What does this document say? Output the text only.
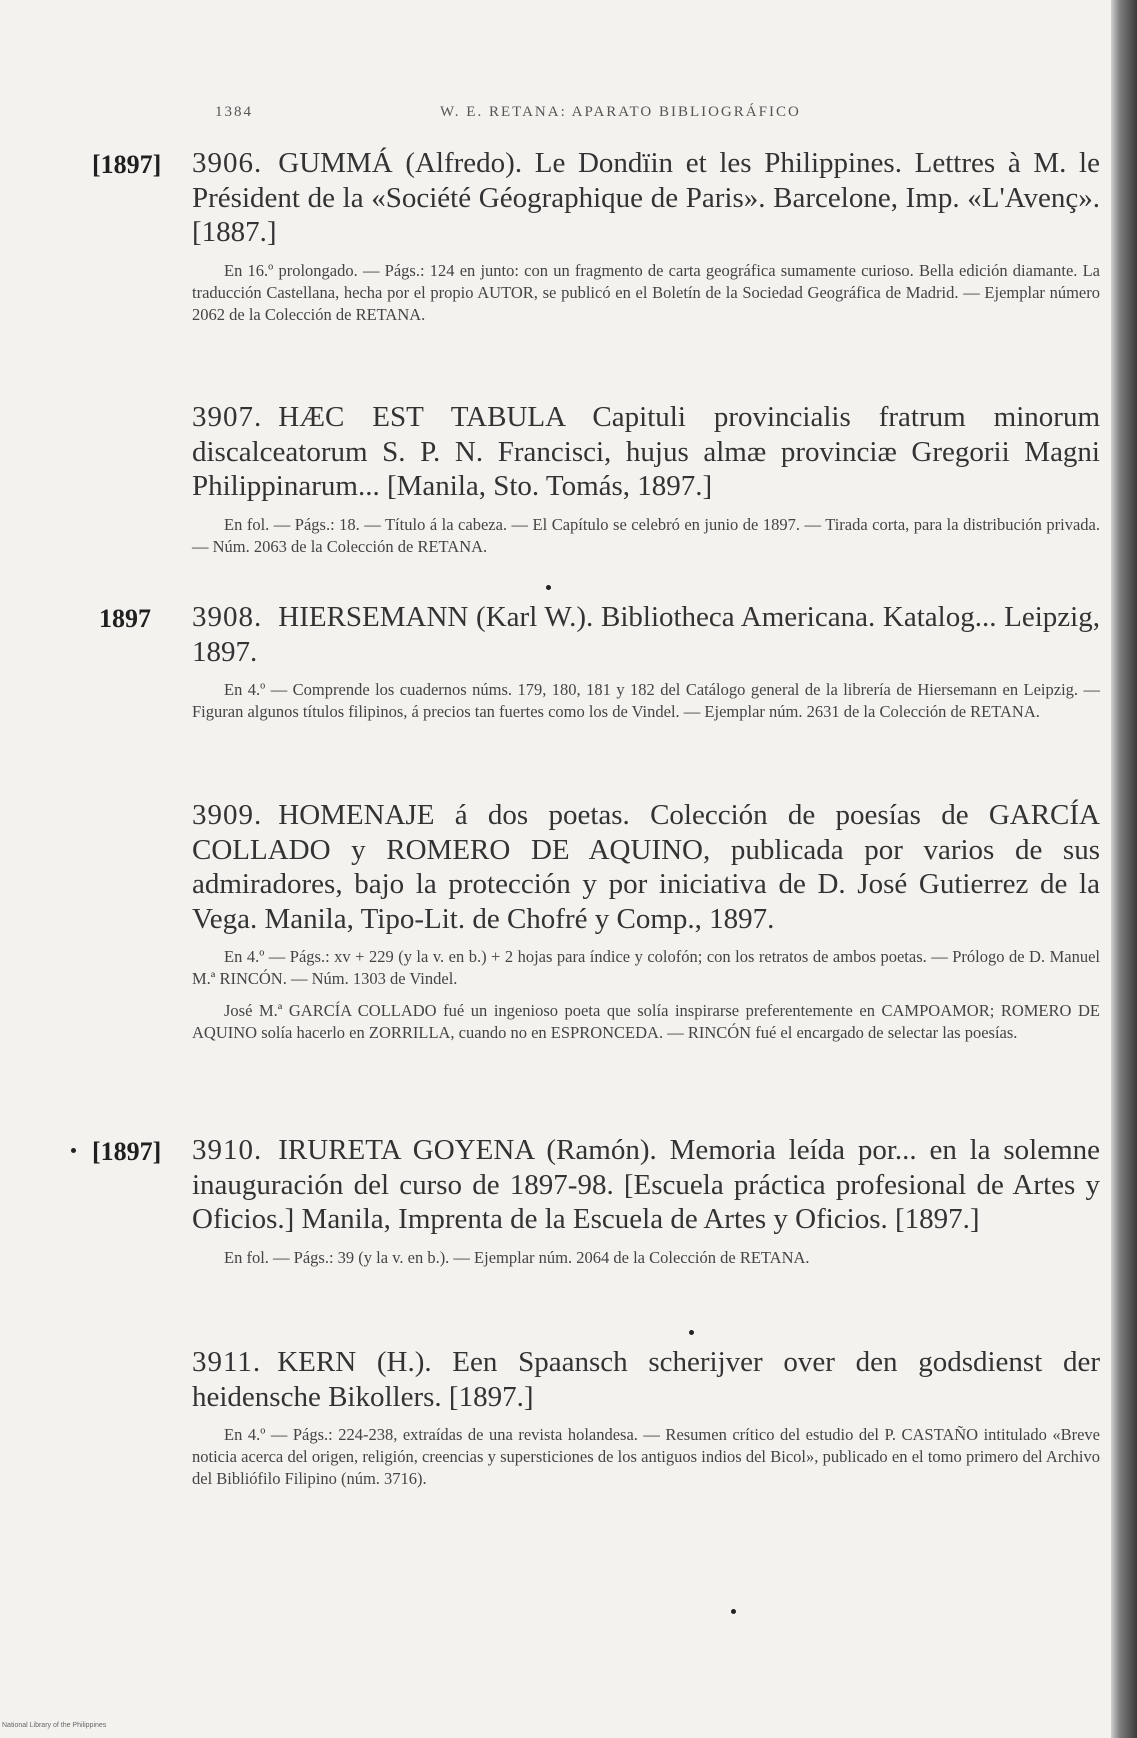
1384	W. E. RETANA: APARATO BIBLIOGRÁFICO
[1897] 3906. GUMMÁ (Alfredo). Le Dondïin et les Philippines. Lettres à M. le Président de la «Société Géographique de Paris». Barcelone, Imp. «L'Avenç». [1887.]

En 16.º prolongado. — Págs.: 124 en junto: con un fragmento de carta geográfica sumamente curioso. Bella edición diamante. La traducción Castellana, hecha por el propio AUTOR, se publicó en el Boletín de la Sociedad Geográfica de Madrid. — Ejemplar número 2062 de la Colección de RETANA.

3907. HÆC EST TABULA Capituli provincialis fratrum minorum discalceatorum S. P. N. Francisci, hujus almæ provinciæ Gregorii Magni Philippinarum... [Manila, Sto. Tomás, 1897.]

En fol. — Págs.: 18. — Título á la cabeza. — El Capítulo se celebró en junio de 1897. — Tirada corta, para la distribución privada. — Núm. 2063 de la Colección de RETANA.

1897 3908. HIERSEMANN (Karl W.). Bibliotheca Americana. Katalog... Leipzig, 1897.

En 4.º — Comprende los cuadernos núms. 179, 180, 181 y 182 del Catálogo general de la librería de Hiersemann en Leipzig. — Figuran algunos títulos filipinos, á precios tan fuertes como los de Vindel. — Ejemplar núm. 2631 de la Colección de RETANA.

3909. HOMENAJE á dos poetas. Colección de poesías de GARCÍA COLLADO y ROMERO DE AQUINO, publicada por varios de sus admiradores, bajo la protección y por iniciativa de D. José Gutierrez de la Vega. Manila, Tipo-Lit. de Chofré y Comp., 1897.

En 4.º — Págs.: xv + 229 (y la v. en b.) + 2 hojas para índice y colofón; con los retratos de ambos poetas. — Prólogo de D. Manuel M.ª RINCÓN. — Núm. 1303 de Vindel.

José M.ª GARCÍA COLLADO fué un ingenioso poeta que solía inspirarse preferentemente en CAMPOAMOR; ROMERO DE AQUINO solía hacerlo en ZORRILLA, cuando no en ESPRONCEDA. — RINCÓN fué el encargado de selectar las poesías.

[1897] 3910. IRURETA GOYENA (Ramón). Memoria leída por... en la solemne inauguración del curso de 1897-98. [Escuela práctica profesional de Artes y Oficios.] Manila, Imprenta de la Escuela de Artes y Oficios. [1897.]

En fol. — Págs.: 39 (y la v. en b.). — Ejemplar núm. 2064 de la Colección de RETANA.

3911. KERN (H.). Een Spaansch scherijver over den godsdienst der heidensche Bikollers. [1897.]

En 4.º — Págs.: 224-238, extraídas de una revista holandesa. — Resumen crítico del estudio del P. CASTAÑO intitulado «Breve noticia acerca del origen, religión, creencias y supersticiones de los antiguos indios del Bicol», publicado en el tomo primero del Archivo del Bibliófilo Filipino (núm. 3716).

National Library of the Philippines
